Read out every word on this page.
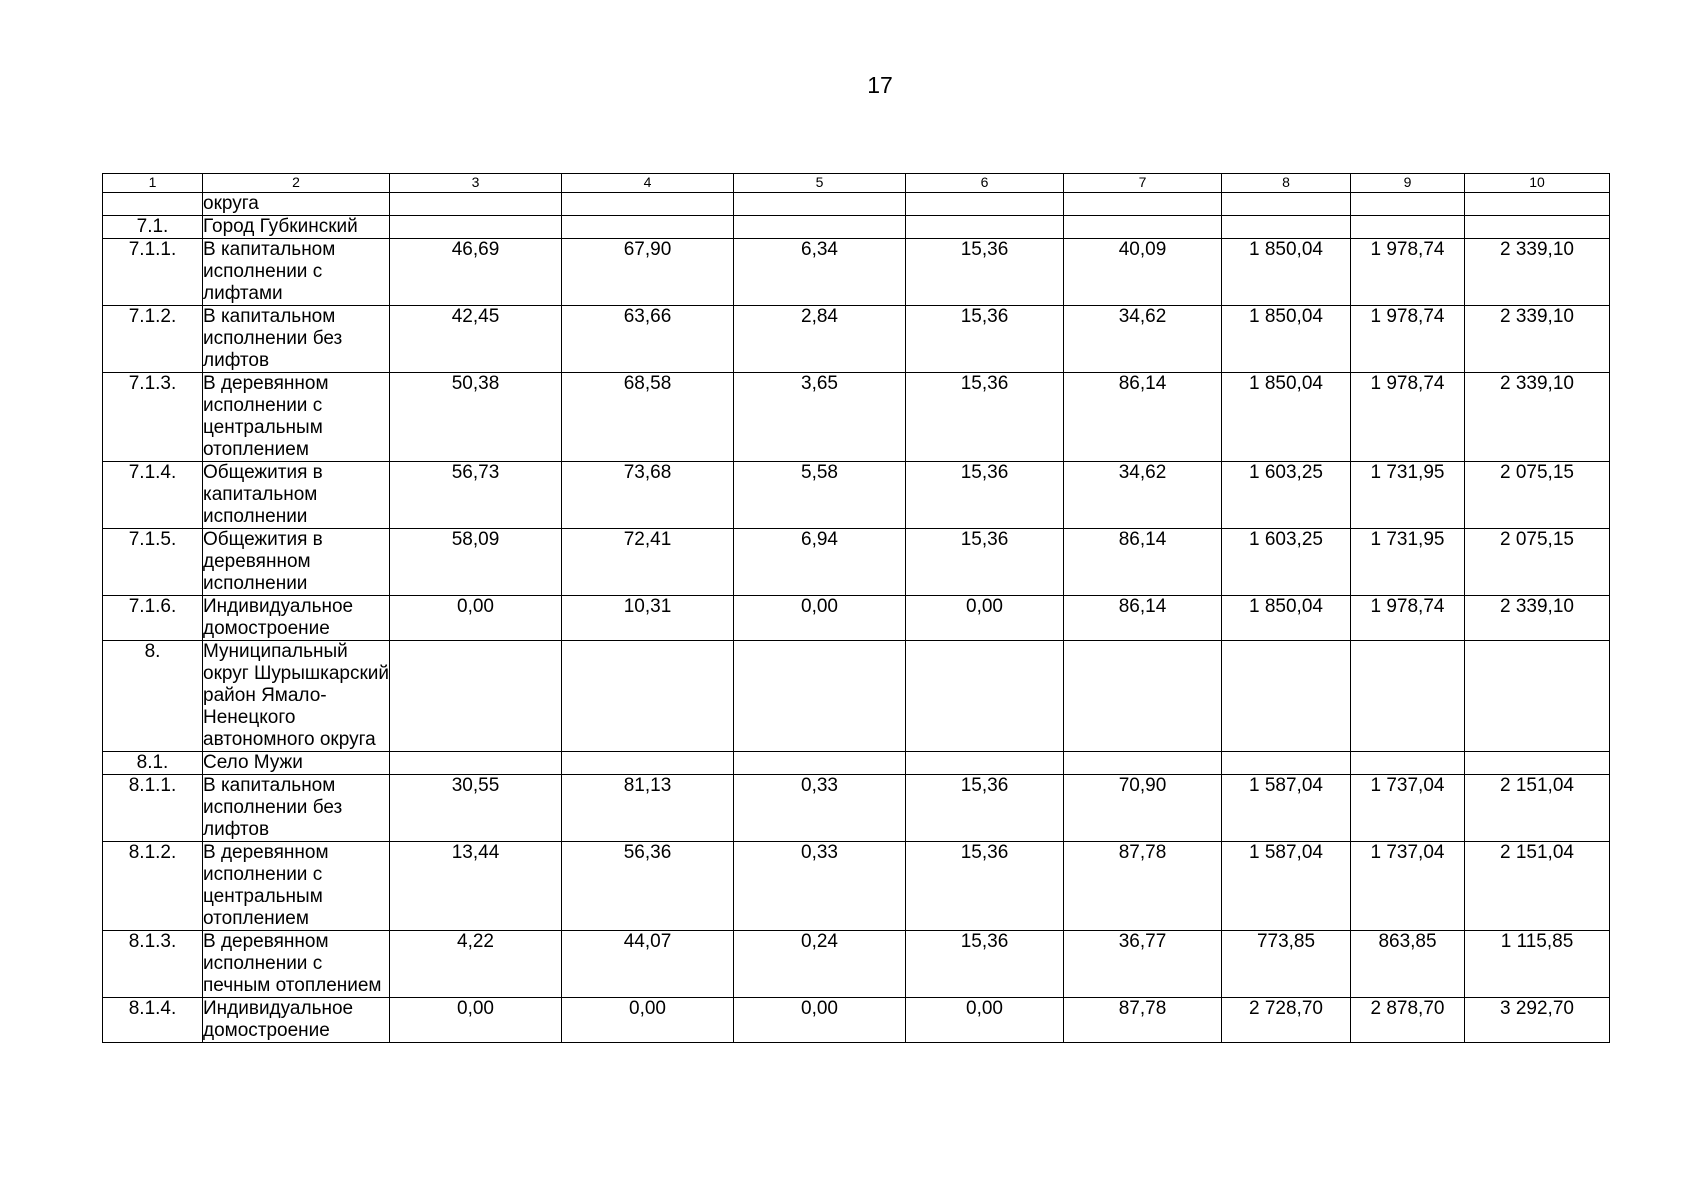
17
1	2	3	4	5	6	7	8	9	10
	округа								
7.1.	Город Губкинский								
7.1.1.	В капитальном исполнении с лифтами	46,69	67,90	6,34	15,36	40,09	1 850,04	1 978,74	2 339,10
7.1.2.	В капитальном исполнении без лифтов	42,45	63,66	2,84	15,36	34,62	1 850,04	1 978,74	2 339,10
7.1.3.	В деревянном исполнении с центральным отоплением	50,38	68,58	3,65	15,36	86,14	1 850,04	1 978,74	2 339,10
7.1.4.	Общежития в капитальном исполнении	56,73	73,68	5,58	15,36	34,62	1 603,25	1 731,95	2 075,15
7.1.5.	Общежития в деревянном исполнении	58,09	72,41	6,94	15,36	86,14	1 603,25	1 731,95	2 075,15
7.1.6.	Индивидуальное домостроение	0,00	10,31	0,00	0,00	86,14	1 850,04	1 978,74	2 339,10
8.	Муниципальный округ Шурышкарский район Ямало-Ненецкого автономного округа								
8.1.	Село Мужи								
8.1.1.	В капитальном исполнении без лифтов	30,55	81,13	0,33	15,36	70,90	1 587,04	1 737,04	2 151,04
8.1.2.	В деревянном исполнении с центральным отоплением	13,44	56,36	0,33	15,36	87,78	1 587,04	1 737,04	2 151,04
8.1.3.	В деревянном исполнении с печным отоплением	4,22	44,07	0,24	15,36	36,77	773,85	863,85	1 115,85
8.1.4.	Индивидуальное домостроение	0,00	0,00	0,00	0,00	87,78	2 728,70	2 878,70	3 292,70
